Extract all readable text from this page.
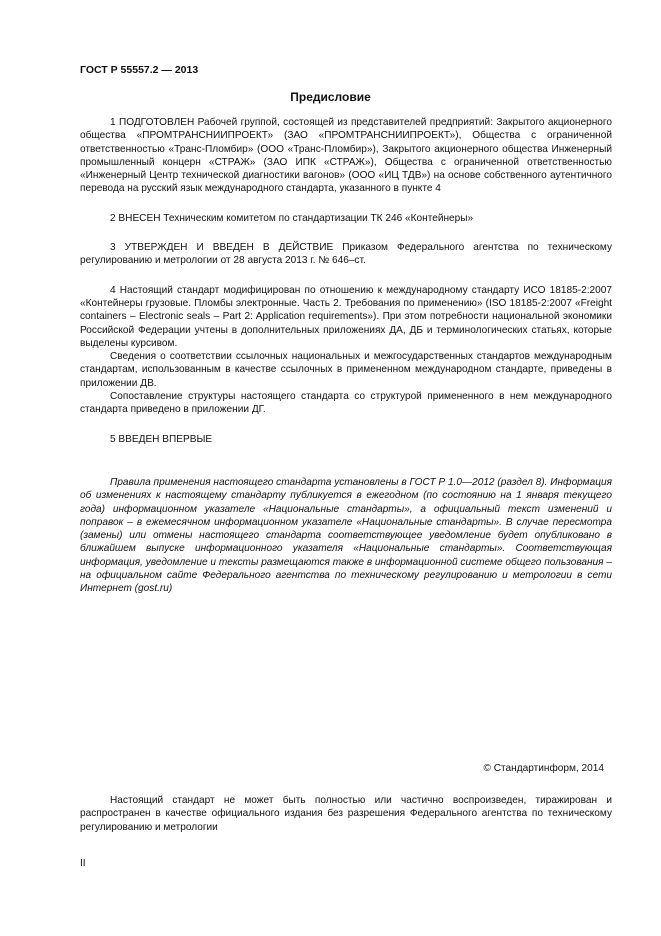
ГОСТ Р 55557.2 — 2013
Предисловие

1 ПОДГОТОВЛЕН Рабочей группой, состоящей из представителей предприятий: Закрытого акционерного общества «ПРОМТРАНСНИИПРОЕКТ» (ЗАО «ПРОМТРАНСНИИПРОЕКТ»), Общества с ограниченной ответственностью «Транс-Пломбир» (ООО «Транс-Пломбир»), Закрытого акционерного общества Инженерный промышленный концерн «СТРАЖ» (ЗАО ИПК «СТРАЖ»), Общества с ограниченной ответственностью «Инженерный Центр технической диагностики вагонов» (ООО «ИЦ ТДВ») на основе собственного аутентичного перевода на русский язык международного стандарта, указанного в пункте 4

2 ВНЕСЕН Техническим комитетом по стандартизации ТК 246 «Контейнеры»

3 УТВЕРЖДЕН И ВВЕДЕН В ДЕЙСТВИЕ Приказом Федерального агентства по техническому регулированию и метрологии от 28 августа 2013 г. № 646–ст.

4 Настоящий стандарт модифицирован по отношению к международному стандарту ИСО 18185-2:2007 «Контейнеры грузовые. Пломбы электронные. Часть 2. Требования по применению» (ISO 18185-2:2007 «Freight containers – Electronic seals – Part 2: Application requirements»). При этом потребности национальной экономики Российской Федерации учтены в дополнительных приложениях ДА, ДБ и терминологических статьях, которые выделены курсивом.

Сведения о соответствии ссылочных национальных и межгосударственных стандартов международным стандартам, использованным в качестве ссылочных в примененном международном стандарте, приведены в приложении ДВ.

Сопоставление структуры настоящего стандарта со структурой примененного в нем международного стандарта приведено в приложении ДГ.

5 ВВЕДЕН ВПЕРВЫЕ

Правила применения настоящего стандарта установлены в ГОСТ Р 1.0—2012 (раздел 8). Информация об изменениях к настоящему стандарту публикуется в ежегодном (по состоянию на 1 января текущего года) информационном указателе «Национальные стандарты», а официальный текст изменений и поправок – в ежемесячном информационном указателе «Национальные стандарты». В случае пересмотра (замены) или отмены настоящего стандарта соответствующее уведомление будет опубликовано в ближайшем выпуске информационного указателя «Национальные стандарты». Соответствующая информация, уведомление и тексты размещаются также в информационной системе общего пользования – на официальном сайте Федерального агентства по техническому регулированию и метрологии в сети Интернет (gost.ru)

© Стандартинформ, 2014

Настоящий стандарт не может быть полностью или частично воспроизведен, тиражирован и распространен в качестве официального издания без разрешения Федерального агентства по техническому регулированию и метрологии

II
